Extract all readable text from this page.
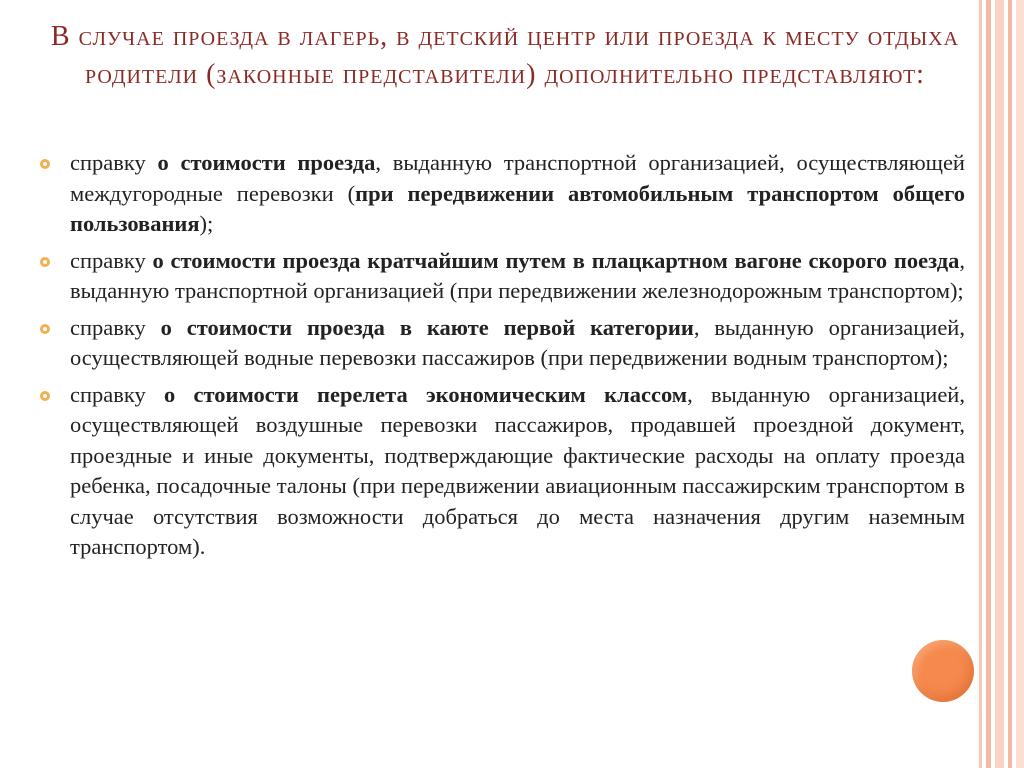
В случае проезда в лагерь, в детский центр или проезда к месту отдыха родители (законные представители) дополнительно представляют:
справку о стоимости проезда, выданную транспортной организацией, осуществляющей междугородные перевозки (при передвижении автомобильным транспортом общего пользования);
справку о стоимости проезда кратчайшим путем в плацкартном вагоне скорого поезда, выданную транспортной организацией (при передвижении железнодорожным транспортом);
справку о стоимости проезда в каюте первой категории, выданную организацией, осуществляющей водные перевозки пассажиров (при передвижении водным транспортом);
справку о стоимости перелета экономическим классом, выданную организацией, осуществляющей воздушные перевозки пассажиров, продавшей проездной документ, проездные и иные документы, подтверждающие фактические расходы на оплату проезда ребенка, посадочные талоны (при передвижении авиационным пассажирским транспортом в случае отсутствия возможности добраться до места назначения другим наземным транспортом).
